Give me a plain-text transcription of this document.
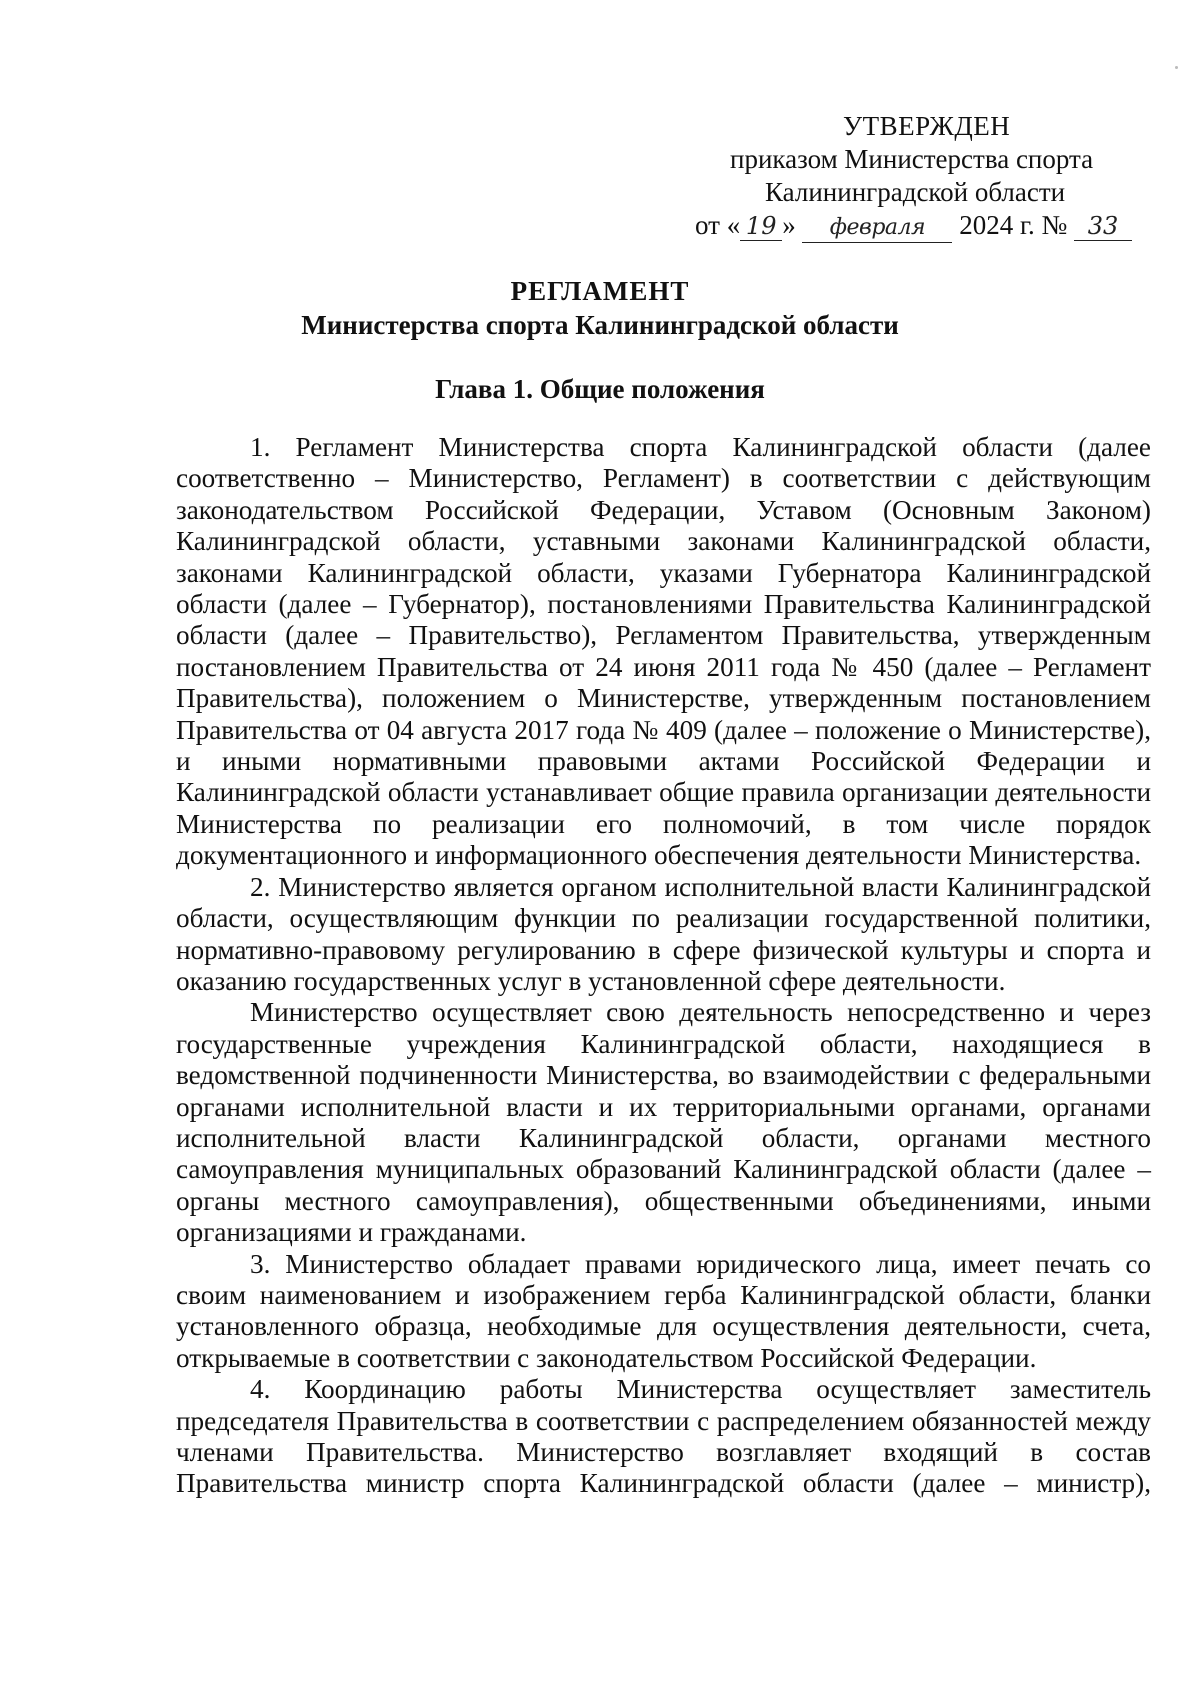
УТВЕРЖДЕН
приказом Министерства спорта
Калининградской области
от « 19 » февраля 2024 г. № 33
РЕГЛАМЕНТ
Министерства спорта Калининградской области
Глава 1. Общие положения

1. Регламент Министерства спорта Калининградской области (далее соответственно – Министерство, Регламент) в соответствии с действующим законодательством Российской Федерации, Уставом (Основным Законом) Калининградской области, уставными законами Калининградской области, законами Калининградской области, указами Губернатора Калининградской области (далее – Губернатор), постановлениями Правительства Калининградской области (далее – Правительство), Регламентом Правительства, утвержденным постановлением Правительства от 24 июня 2011 года № 450 (далее – Регламент Правительства), положением о Министерстве, утвержденным постановлением Правительства от 04 августа 2017 года № 409 (далее – положение о Министерстве), и иными нормативными правовыми актами Российской Федерации и Калининградской области устанавливает общие правила организации деятельности Министерства по реализации его полномочий, в том числе порядок документационного и информационного обеспечения деятельности Министерства.

2. Министерство является органом исполнительной власти Калининградской области, осуществляющим функции по реализации государственной политики, нормативно-правовому регулированию в сфере физической культуры и спорта и оказанию государственных услуг в установленной сфере деятельности.

Министерство осуществляет свою деятельность непосредственно и через государственные учреждения Калининградской области, находящиеся в ведомственной подчиненности Министерства, во взаимодействии с федеральными органами исполнительной власти и их территориальными органами, органами исполнительной власти Калининградской области, органами местного самоуправления муниципальных образований Калининградской области (далее – органы местного самоуправления), общественными объединениями, иными организациями и гражданами.

3. Министерство обладает правами юридического лица, имеет печать со своим наименованием и изображением герба Калининградской области, бланки установленного образца, необходимые для осуществления деятельности, счета, открываемые в соответствии с законодательством Российской Федерации.

4. Координацию работы Министерства осуществляет заместитель председателя Правительства в соответствии с распределением обязанностей между членами Правительства. Министерство возглавляет входящий в состав Правительства министр спорта Калининградской области (далее – министр),
